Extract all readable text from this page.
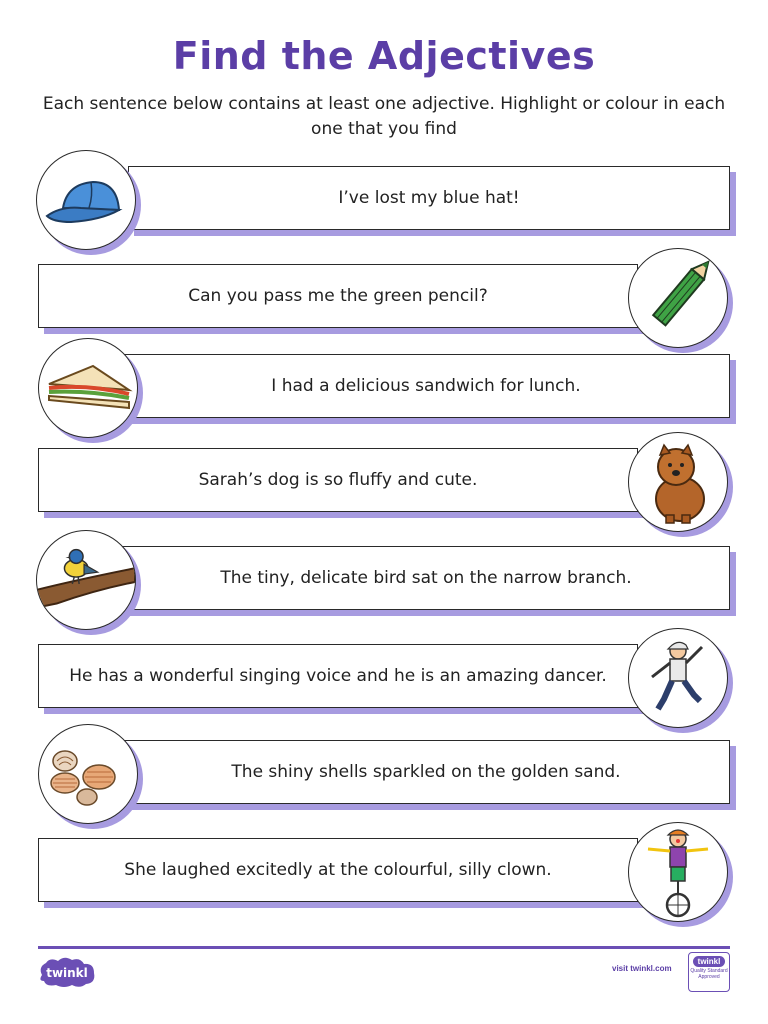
Find the Adjectives
Each sentence below contains at least one adjective. Highlight or colour in each one that you find
I’ve lost my blue hat!
Can you pass me the green pencil?
I had a delicious sandwich for lunch.
Sarah’s dog is so fluffy and cute.
The tiny, delicate bird sat on the narrow branch.
He has a wonderful singing voice and he is an amazing dancer.
The shiny shells sparkled on the golden sand.
She laughed excitedly at the colourful, silly clown.
twinkl	visit twinkl.com
twinkl
Quality Standard Approved
